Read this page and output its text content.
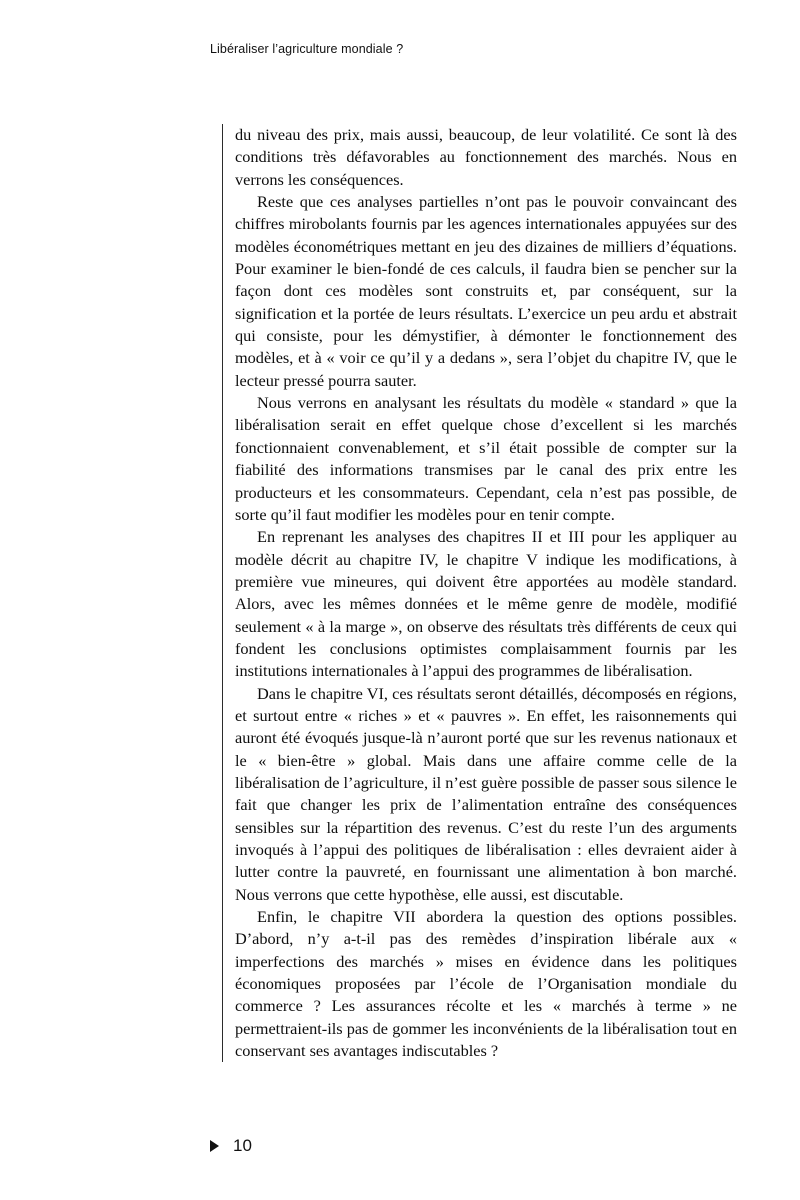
Libéraliser l’agriculture mondiale ?

du niveau des prix, mais aussi, beaucoup, de leur volatilité. Ce sont là des conditions très défavorables au fonctionnement des marchés. Nous en verrons les conséquences.

Reste que ces analyses partielles n’ont pas le pouvoir convaincant des chiffres mirobolants fournis par les agences internationales appuyées sur des modèles économétriques mettant en jeu des dizaines de milliers d’équations. Pour examiner le bien-fondé de ces calculs, il faudra bien se pencher sur la façon dont ces modèles sont construits et, par conséquent, sur la signification et la portée de leurs résultats. L’exercice un peu ardu et abstrait qui consiste, pour les démystifier, à démonter le fonctionnement des modèles, et à « voir ce qu’il y a dedans », sera l’objet du chapitre IV, que le lecteur pressé pourra sauter.

Nous verrons en analysant les résultats du modèle « standard » que la libéralisation serait en effet quelque chose d’excellent si les marchés fonctionnaient convenablement, et s’il était possible de compter sur la fiabilité des informations transmises par le canal des prix entre les producteurs et les consommateurs. Cependant, cela n’est pas possible, de sorte qu’il faut modifier les modèles pour en tenir compte.

En reprenant les analyses des chapitres II et III pour les appliquer au modèle décrit au chapitre IV, le chapitre V indique les modifications, à première vue mineures, qui doivent être apportées au modèle standard. Alors, avec les mêmes données et le même genre de modèle, modifié seulement « à la marge », on observe des résultats très différents de ceux qui fondent les conclusions optimistes complaisamment fournis par les institutions internationales à l’appui des programmes de libéralisation.

Dans le chapitre VI, ces résultats seront détaillés, décomposés en régions, et surtout entre « riches » et « pauvres ». En effet, les raisonnements qui auront été évoqués jusque-là n’auront porté que sur les revenus nationaux et le « bien-être » global. Mais dans une affaire comme celle de la libéralisation de l’agriculture, il n’est guère possible de passer sous silence le fait que changer les prix de l’alimentation entraîne des conséquences sensibles sur la répartition des revenus. C’est du reste l’un des arguments invoqués à l’appui des politiques de libéralisation : elles devraient aider à lutter contre la pauvreté, en fournissant une alimentation à bon marché. Nous verrons que cette hypothèse, elle aussi, est discutable.

Enfin, le chapitre VII abordera la question des options possibles. D’abord, n’y a-t-il pas des remèdes d’inspiration libérale aux « imperfections des marchés » mises en évidence dans les politiques économiques proposées par l’école de l’Organisation mondiale du commerce ? Les assurances récolte et les « marchés à terme » ne permettraient-ils pas de gommer les inconvénients de la libéralisation tout en conservant ses avantages indiscutables ?

10
